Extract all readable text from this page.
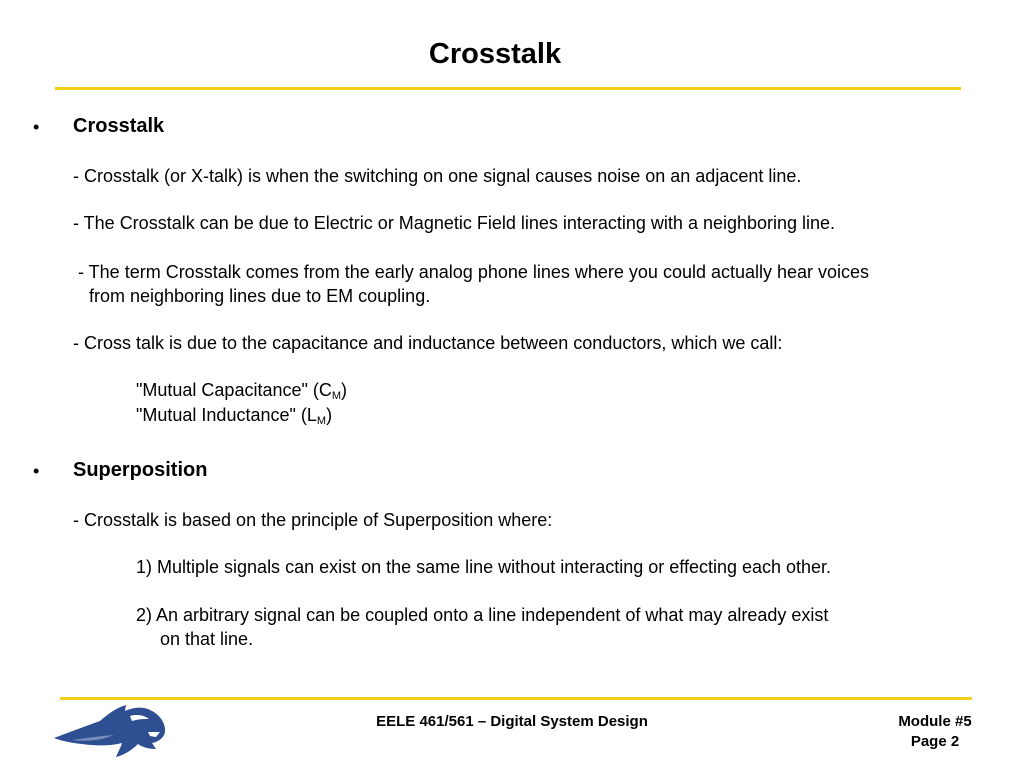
Crosstalk
• Crosstalk
- Crosstalk (or X-talk) is when the switching on one signal causes noise on an adjacent line.
- The Crosstalk can be due to Electric or Magnetic Field lines interacting with a neighboring line.
- The term Crosstalk comes from the early analog phone lines where you could actually hear voices
from neighboring lines due to EM coupling.
- Cross talk is due to the capacitance and inductance between conductors, which we call:
"Mutual Capacitance" $(C_M)$
"Mutual Inductance" $(L_M)$
• Superposition
- Crosstalk is based on the principle of Superposition where:
1) Multiple signals can exist on the same line without interacting or effecting each other.
2) An arbitrary signal can be coupled onto a line independent of what may already exist
on that line.
EELE 461/561 – Digital System Design	Module #5
Page 2
